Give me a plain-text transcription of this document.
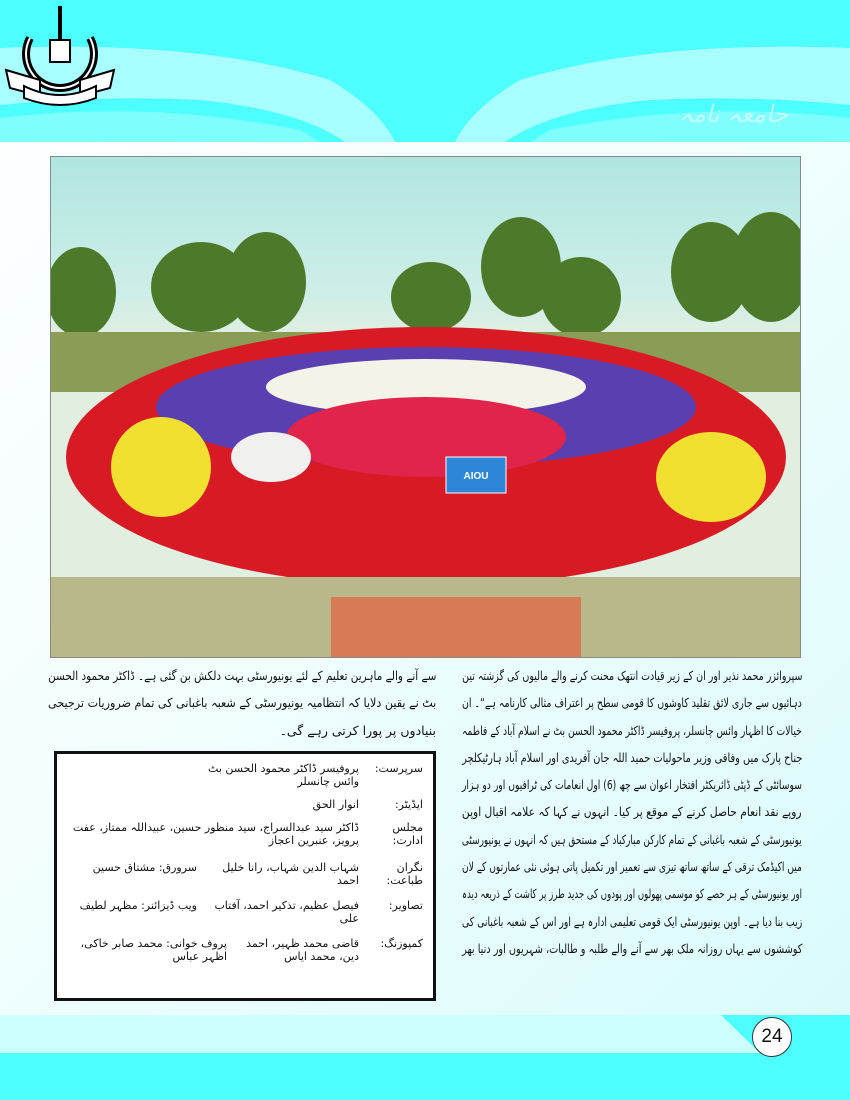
جامعہ نامہ
AIOU
سپروائزر محمد نذیر اور ان کے زیر قیادت انتھک محنت کرنے والے مالیوں کی گزشتہ تین
دہائیوں سے جاری لائق تقلید کاوشوں کا قومی سطح پر اعتراف مثالی کارنامہ ہے“۔ ان
خیالات کا اظہار وائس چانسلر، پروفیسر ڈاکٹر محمود الحسن بٹ نے اسلام آباد کے فاطمہ
جناح پارک میں وفاقی وزیر ماحولیات حمید اللہ جان آفریدی اور اسلام آباد ہارٹیکلچر
سوسائٹی کے ڈپٹی ڈائریکٹر افتخار اعوان سے چھ (6) اول انعامات کی ٹرافیوں اور دو ہزار
روپے نقد انعام حاصل کرنے کے موقع پر کیا۔ انہوں نے کہا کہ علامہ اقبال اوپن
یونیورسٹی کے شعبہ باغبانی کے تمام کارکن مبارکباد کے مستحق ہیں کہ انہوں نے یونیورسٹی
میں اکیڈمک ترقی کے ساتھ ساتھ تیزی سے تعمیر اور تکمیل پاتی ہوئی نئی عمارتوں کے لان
اور یونیورسٹی کے ہر حصے کو موسمی پھولوں اور پودوں کی جدید طرز پر کاشت کے ذریعہ دیدہ
زیب بنا دیا ہے۔ اوپن یونیورسٹی ایک قومی تعلیمی ادارہ ہے اور اس کے شعبہ باغبانی کی
کوششوں سے یہاں روزانہ ملک بھر سے آنے والے طلبہ و طالبات، شہریوں اور دنیا بھر
سے آنے والے ماہرین تعلیم کے لئے یونیورسٹی بہت دلکش بن گئی ہے۔ ڈاکٹر محمود الحسن
بٹ نے یقین دلایا کہ انتظامیہ یونیورسٹی کے شعبہ باغبانی کی تمام ضروریات ترجیحی
بنیادوں پر پورا کرتی رہے گی۔
سرپرست:
پروفیسر ڈاکٹر محمود الحسن بٹ
وائس چانسلر
ایڈیٹر:
انوار الحق
مجلس ادارت:
ڈاکٹر سید عبدالسراج، سید منظور حسین، عبیداللہ ممتاز، عفت پرویز، عنبرین اعجاز
نگران طباعت:
شہاب الدین شہاب، رانا خلیل احمد
سرورق: مشتاق حسین
تصاویر:
فیصل عظیم، تذکیر احمد، آفتاب علی
ویب ڈیزائنر: مظہر لطیف
کمپوزنگ:
قاضی محمد ظہیر، احمد دین، محمد ایاس
پروف خوانی: محمد صابر خاکی، اظہر عباس
24
